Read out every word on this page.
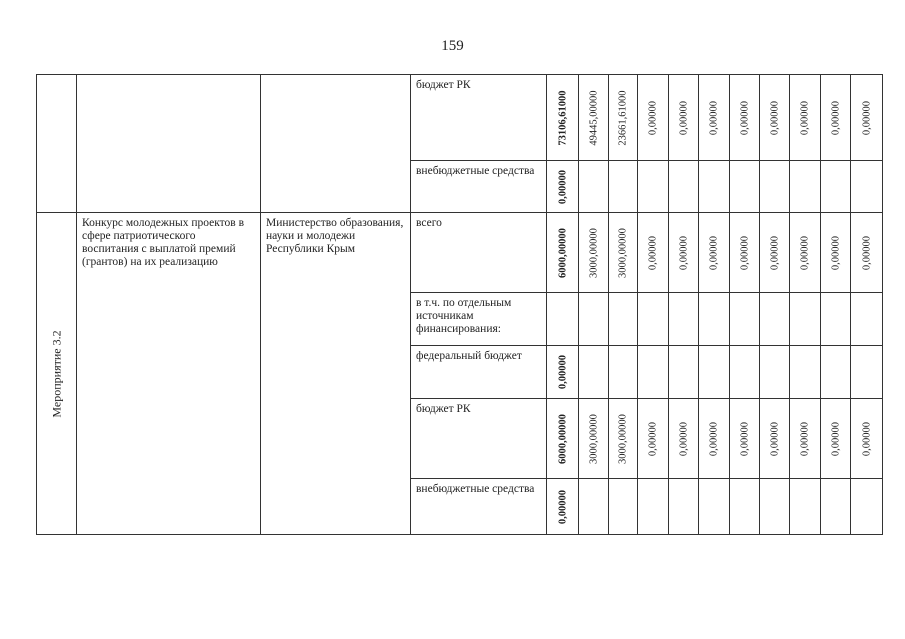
159
			бюджет РК	73106,61000	49445,00000	23661,61000	0,00000	0,00000	0,00000	0,00000	0,00000	0,00000	0,00000	0,00000

			внебюджетные средства	0,00000										

Мероприятие 3.2	Конкурс молодежных проектов в сфере патриотического воспитания с выплатой премий (грантов) на их реализацию	Министерство образования, науки и молодежи Республики Крым	всего	6000,00000	3000,00000	3000,00000	0,00000	0,00000	0,00000	0,00000	0,00000	0,00000	0,00000	0,00000

			в т.ч. по отдельным источникам финансирования:	

			федеральный бюджет	0,00000										

			бюджет РК	6000,00000	3000,00000	3000,00000	0,00000	0,00000	0,00000	0,00000	0,00000	0,00000	0,00000	0,00000

			внебюджетные средства	0,00000										
